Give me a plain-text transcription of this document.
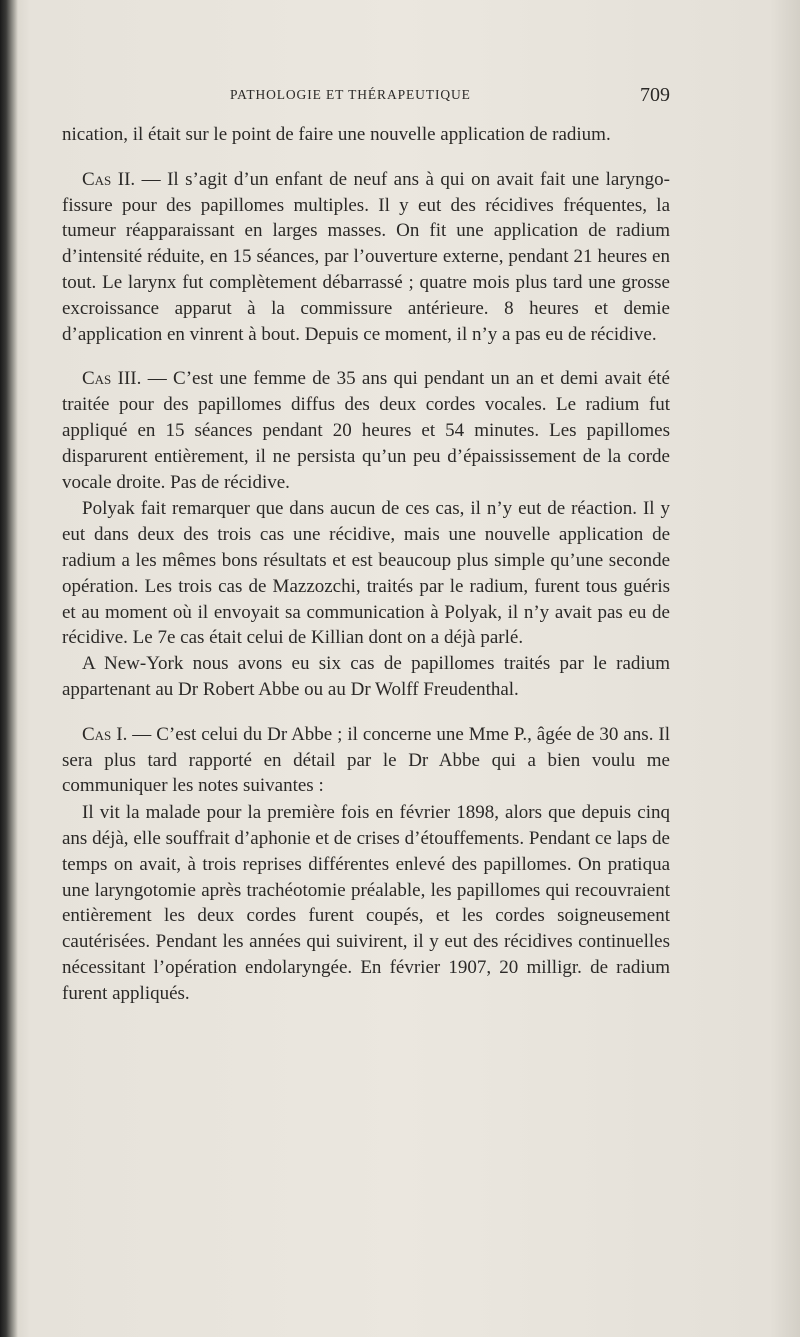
PATHOLOGIE ET THÉRAPEUTIQUE	709

nication, il était sur le point de faire une nouvelle application de radium.

Cas II. — Il s’agit d’un enfant de neuf ans à qui on avait fait une laryngo-fissure pour des papillomes multiples. Il y eut des récidives fréquentes, la tumeur réapparaissant en larges masses. On fit une application de radium d’intensité réduite, en 15 séances, par l’ouverture externe, pendant 21 heures en tout. Le larynx fut complètement débarrassé ; quatre mois plus tard une grosse excroissance apparut à la commissure antérieure. 8 heures et demie d’application en vinrent à bout. Depuis ce moment, il n’y a pas eu de récidive.

Cas III. — C’est une femme de 35 ans qui pendant un an et demi avait été traitée pour des papillomes diffus des deux cordes vocales. Le radium fut appliqué en 15 séances pendant 20 heures et 54 minutes. Les papillomes disparurent entièrement, il ne persista qu’un peu d’épaississement de la corde vocale droite. Pas de récidive.

Polyak fait remarquer que dans aucun de ces cas, il n’y eut de réaction. Il y eut dans deux des trois cas une récidive, mais une nouvelle application de radium a les mêmes bons résultats et est beaucoup plus simple qu’une seconde opération. Les trois cas de Mazzozchi, traités par le radium, furent tous guéris et au moment où il envoyait sa communication à Polyak, il n’y avait pas eu de récidive. Le 7e cas était celui de Killian dont on a déjà parlé.

A New-York nous avons eu six cas de papillomes traités par le radium appartenant au Dr Robert Abbe ou au Dr Wolff Freudenthal.

Cas I. — C’est celui du Dr Abbe ; il concerne une Mme P., âgée de 30 ans. Il sera plus tard rapporté en détail par le Dr Abbe qui a bien voulu me communiquer les notes suivantes :

Il vit la malade pour la première fois en février 1898, alors que depuis cinq ans déjà, elle souffrait d’aphonie et de crises d’étouffements. Pendant ce laps de temps on avait, à trois reprises différentes enlevé des papillomes. On pratiqua une laryngotomie après trachéotomie préalable, les papillomes qui recouvraient entièrement les deux cordes furent coupés, et les cordes soigneusement cautérisées. Pendant les années qui suivirent, il y eut des récidives continuelles nécessitant l’opération endolaryngée. En février 1907, 20 milligr. de radium furent appliqués.
